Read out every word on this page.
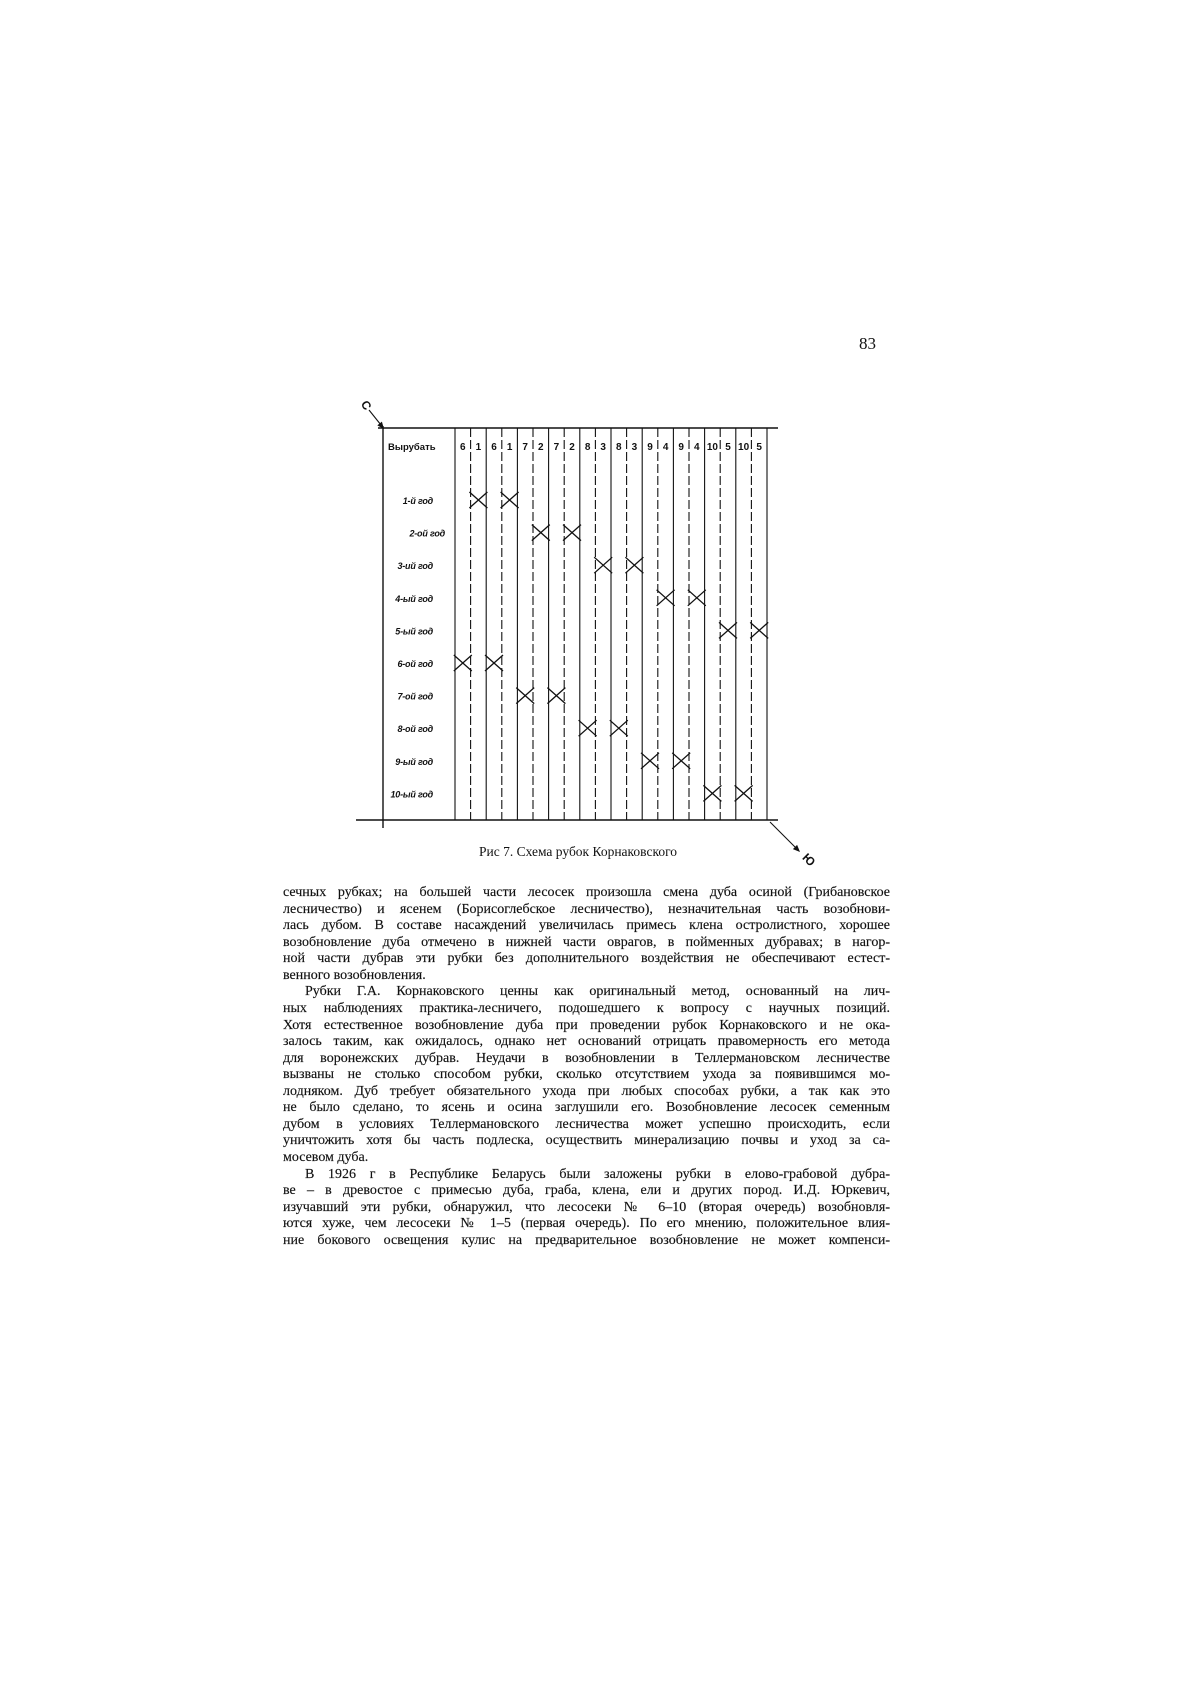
83
С
Ю
Вырубать 6 1 6 1 7 2 7 2 8 3 8 3 9 4 9 4 10 5 10 5
1-й год
2-ой год
3-ий год
4-ый год
5-ый год
6-ой год
7-ой год
8-ой год
9-ый год
10-ый год
Рис 7. Схема рубок Корнаковского
сечных рубках; на большей части лесосек произошла смена дуба осиной (Грибановское
лесничество) и ясенем (Борисоглебское лесничество), незначительная часть возобнови-
лась дубом. В составе насаждений увеличилась примесь клена остролистного, хорошее
возобновление дуба отмечено в нижней части оврагов, в пойменных дубравах; в нагор-
ной части дубрав эти рубки без дополнительного воздействия не обеспечивают естест-
венного возобновления.
Рубки Г.А. Корнаковского ценны как оригинальный метод, основанный на лич-
ных наблюдениях практика-лесничего, подошедшего к вопросу с научных позиций.
Хотя естественное возобновление дуба при проведении рубок Корнаковского и не ока-
залось таким, как ожидалось, однако нет оснований отрицать правомерность его метода
для воронежских дубрав. Неудачи в возобновлении в Теллермановском лесничестве
вызваны не столько способом рубки, сколько отсутствием ухода за появившимся мо-
лодняком. Дуб требует обязательного ухода при любых способах рубки, а так как это
не было сделано, то ясень и осина заглушили его. Возобновление лесосек семенным
дубом в условиях Теллермановского лесничества может успешно происходить, если
уничтожить хотя бы часть подлеска, осуществить минерализацию почвы и уход за са-
мосевом дуба.
В 1926 г в Республике Беларусь были заложены рубки в елово-грабовой дубра-
ве – в древостое с примесью дуба, граба, клена, ели и других пород. И.Д. Юркевич,
изучавший эти рубки, обнаружил, что лесосеки № 6–10 (вторая очередь) возобновля-
ются хуже, чем лесосеки № 1–5 (первая очередь). По его мнению, положительное влия-
ние бокового освещения кулис на предварительное возобновление не может компенси-
